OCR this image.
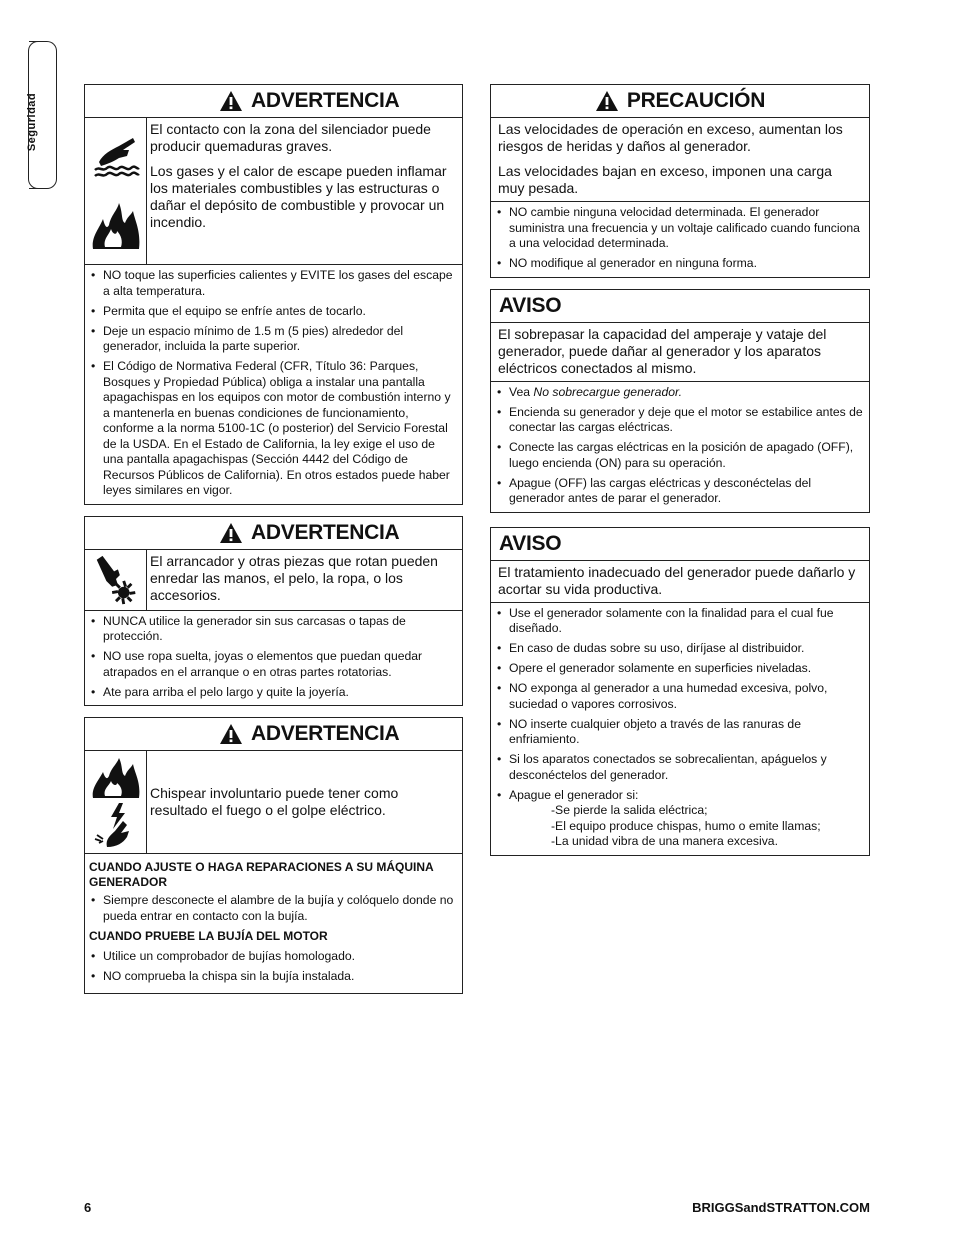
Seguridad	ADVERTENCIA

El contacto con la zona del silenciador puede producir quemaduras graves.

Los gases y el calor de escape pueden inflamar los materiales combustibles y las estructuras o dañar el depósito de combustible y provocar un incendio.

• NO toque las superficies calientes y EVITE los gases del escape a alta temperatura.
• Permita que el equipo se enfríe antes de tocarlo.
• Deje un espacio mínimo de 1.5 m (5 pies) alrededor del generador, incluida la parte superior.
• El Código de Normativa Federal (CFR, Título 36: Parques, Bosques y Propiedad Pública) obliga a instalar una pantalla apagachispas en los equipos con motor de combustión interno y a mantenerla en buenas condiciones de funcionamiento, conforme a la norma 5100-1C (o posterior) del Servicio Forestal de la USDA. En el Estado de California, la ley exige el uso de una pantalla apagachispas (Sección 4442 del Código de Recursos Públicos de California). En otros estados puede haber leyes similares en vigor.
ADVERTENCIA

El arrancador y otras piezas que rotan pueden enredar las manos, el pelo, la ropa, o los accesorios.

• NUNCA utilice la generador sin sus carcasas o tapas de protección.
• NO use ropa suelta, joyas o elementos que puedan quedar atrapados en el arranque o en otras partes rotatorias.
• Ate para arriba el pelo largo y quite la joyería.
ADVERTENCIA

Chispear involuntario puede tener como resultado el fuego o el golpe eléctrico.

CUANDO AJUSTE O HAGA REPARACIONES A SU MÁQUINA GENERADOR
• Siempre desconecte el alambre de la bujía y colóquelo donde no pueda entrar en contacto con la bujía.
CUANDO PRUEBE LA BUJÍA DEL MOTOR
• Utilice un comprobador de bujías homologado.
• NO comprueba la chispa sin la bujía instalada.
PRECAUCIÓN

Las velocidades de operación en exceso, aumentan los riesgos de heridas y daños al generador.

Las velocidades bajan en exceso, imponen una carga muy pesada.

• NO cambie ninguna velocidad determinada. El generador suministra una frecuencia y un voltaje calificado cuando funciona a una velocidad determinada.
• NO modifique al generador en ninguna forma.
AVISO

El sobrepasar la capacidad del amperaje y vataje del generador, puede dañar al generador y los aparatos eléctricos conectados al mismo.

• Vea No sobrecargue generador.
• Encienda su generador y deje que el motor se estabilice antes de conectar las cargas eléctricas.
• Conecte las cargas eléctricas en la posición de apagado (OFF), luego encienda (ON) para su operación.
• Apague (OFF) las cargas eléctricas y desconéctelas del generador antes de parar el generador.
AVISO

El tratamiento inadecuado del generador puede dañarlo y acortar su vida productiva.

• Use el generador solamente con la finalidad para el cual fue diseñado.
• En caso de dudas sobre su uso, diríjase al distribuidor.
• Opere el generador solamente en superficies niveladas.
• NO exponga al generador a una humedad excesiva, polvo, suciedad o vapores corrosivos.
• NO inserte cualquier objeto a través de las ranuras de enfriamiento.
• Si los aparatos conectados se sobrecalientan, apáguelos y desconéctelos del generador.
• Apague el generador si:
-Se pierde la salida eléctrica;
-El equipo produce chispas, humo o emite llamas;
-La unidad vibra de una manera excesiva.
6	BRIGGSandSTRATTON.COM
